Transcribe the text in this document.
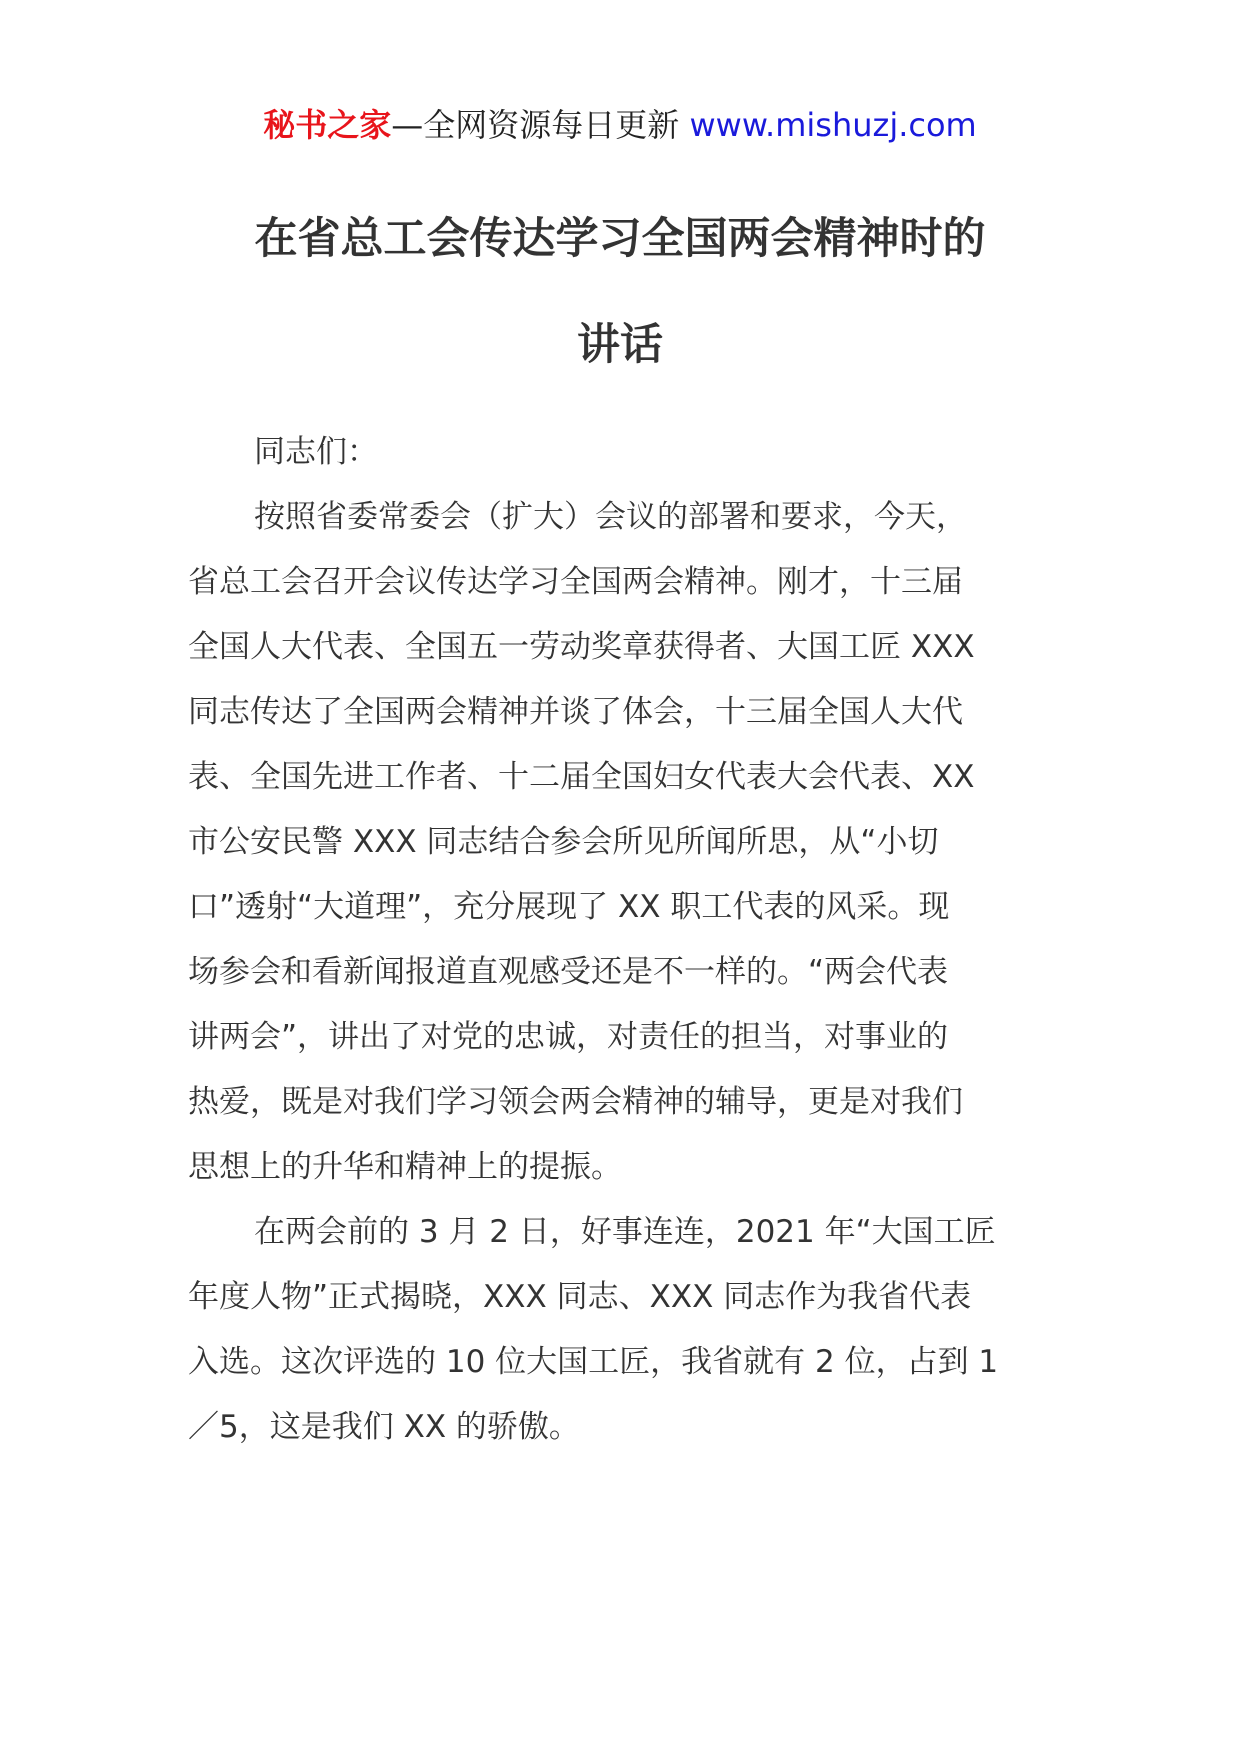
秘书之家—全网资源每日更新 www.mishuzj.com
在省总工会传达学习全国两会精神时的
讲话
同志们：
按照省委常委会（扩大）会议的部署和要求，今天，
省总工会召开会议传达学习全国两会精神。刚才，十三届
全国人大代表、全国五一劳动奖章获得者、大国工匠 XXX
同志传达了全国两会精神并谈了体会，十三届全国人大代
表、全国先进工作者、十二届全国妇女代表大会代表、XX
市公安民警 XXX 同志结合参会所见所闻所思，从“小切
口”透射“大道理”，充分展现了 XX 职工代表的风采。现
场参会和看新闻报道直观感受还是不一样的。“两会代表
讲两会”，讲出了对党的忠诚，对责任的担当，对事业的
热爱，既是对我们学习领会两会精神的辅导，更是对我们
思想上的升华和精神上的提振。
在两会前的 3 月 2 日，好事连连，2021 年“大国工匠
年度人物”正式揭晓，XXX 同志、XXX 同志作为我省代表
入选。这次评选的 10 位大国工匠，我省就有 2 位，占到 1
／5，这是我们 XX 的骄傲。
